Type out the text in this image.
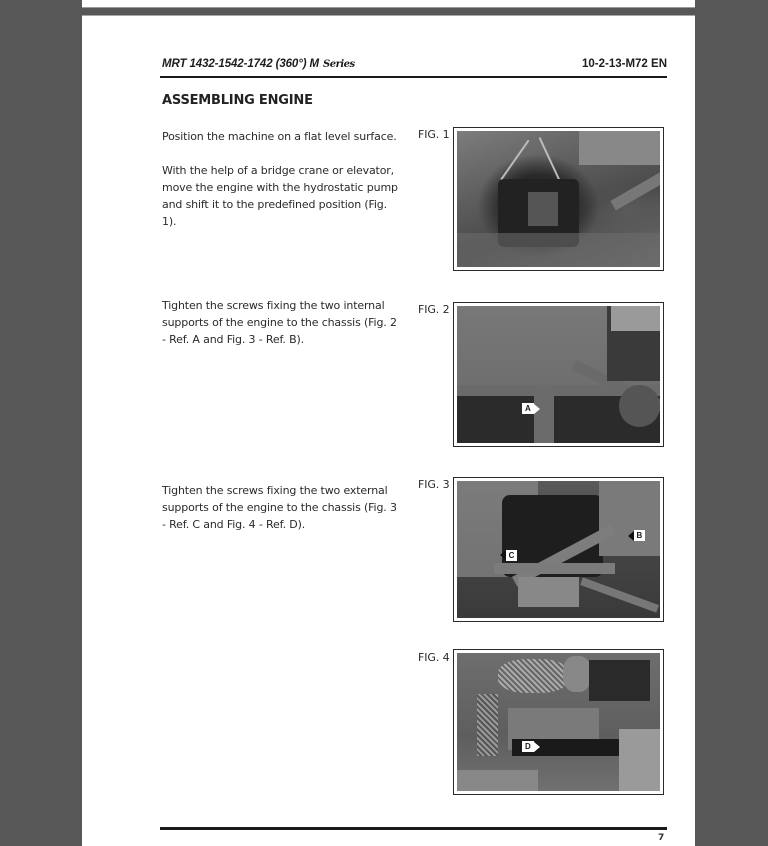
MRT 1432-1542-1742 (360°) M Series	10-2-13-M72 EN
ASSEMBLING ENGINE
Position the machine on a flat level surface.
With the help of a bridge crane or elevator, move the engine with the hydrostatic pump and shift it to the predefined position (Fig. 1).
Tighten the screws fixing the two internal supports of the engine to the chassis (Fig. 2 - Ref. A and Fig. 3 - Ref. B).
Tighten the screws fixing the two external supports of the engine to the chassis (Fig. 3 - Ref. C and Fig. 4 - Ref. D).
FIG. 1
FIG. 2
A
FIG. 3
C
B
FIG. 4
D
7
